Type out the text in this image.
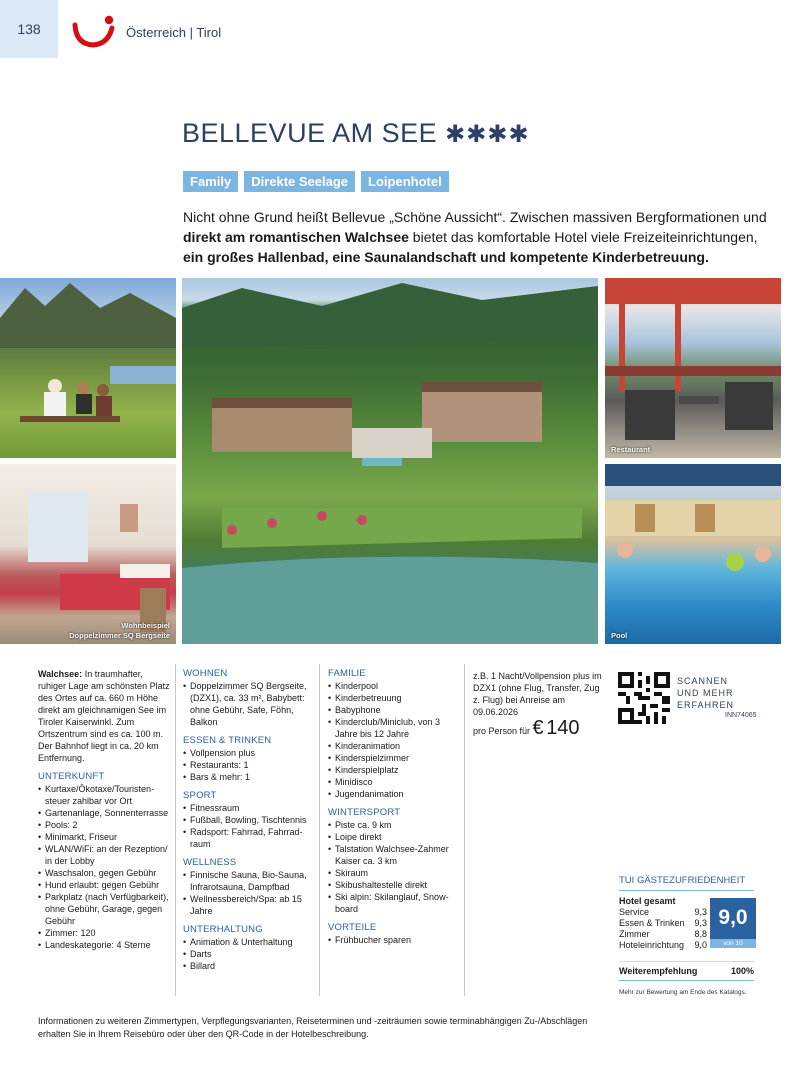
138	Österreich | Tirol
BELLEVUE AM SEE ✱✱✱✱
Family	Direkte Seelage	Loipenhotel

Nicht ohne Grund heißt Bellevue „Schöne Aussicht“. Zwischen massiven Bergformationen und direkt am romantischen Walchsee bietet das komfortable Hotel viele Freizeiteinrichtungen, ein großes Hallenbad, eine Saunalandschaft und kompetente Kinderbetreuung.

Wohnbeispiel
Doppelzimmer SQ Bergseite
Restaurant
Pool

Walchsee: In traumhafter, ruhiger Lage am schönsten Platz des Ortes auf ca. 660 m Höhe direkt am gleichnamigen See im Tiroler Kaiserwinkl. Zum Ortszentrum sind es ca. 100 m. Der Bahnhof liegt in ca. 20 km Entfernung.

UNTERKUNFT
• Kurtaxe/Ökotaxe/Touristensteuer zahlbar vor Ort
• Gartenanlage, Sonnenterrasse
• Pools: 2
• Minimarkt, Friseur
• WLAN/WiFi: an der Rezeption/ in der Lobby
• Waschsalon, gegen Gebühr
• Hund erlaubt: gegen Gebühr
• Parkplatz (nach Verfügbarkeit), ohne Gebühr, Garage, gegen Gebühr
• Zimmer: 120
• Landeskategorie: 4 Sterne
WOHNEN
• Doppelzimmer SQ Bergseite, (DZX1), ca. 33 m², Babybett: ohne Gebühr, Safe, Föhn, Balkon
ESSEN & TRINKEN
• Vollpension plus
• Restaurants: 1
• Bars & mehr: 1
SPORT
• Fitnessraum
• Fußball, Bowling, Tischtennis
• Radsport: Fahrrad, Fahrradraum
WELLNESS
• Finnische Sauna, Bio-Sauna, Infrarotsauna, Dampfbad
• Wellnessbereich/Spa: ab 15 Jahre
UNTERHALTUNG
• Animation & Unterhaltung
• Darts
• Billard
FAMILIE
• Kinderpool
• Kinderbetreuung
• Babyphone
• Kinderclub/Miniclub, von 3 Jahre bis 12 Jahre
• Kinderanimation
• Kinderspielzimmer
• Kinderspielplatz
• Minidisco
• Jugendanimation
WINTERSPORT
• Piste ca. 9 km
• Loipe direkt
• Talstation Walchsee-Zahmer Kaiser ca. 3 km
• Skiraum
• Skibushaltestelle direkt
• Ski alpin: Skilanglauf, Snowboard
VORTEILE
• Frühbucher sparen

z.B. 1 Nacht/Vollpension plus im DZX1 (ohne Flug, Transfer, Zug z. Flug) bei Anreise am 09.06.2026

pro Person für € 140

SCANNEN
UND MEHR
ERFAHREN
INN74065
TUI GÄSTEZUFRIEDENHEIT
Hotel gesamt
Service	9,3
Essen & Trinken 9,3
Zimmer	8,8
Hoteleinrichtung 9,0
9,0
von 10
Weiterempfehlung	100%
Mehr zur Bewertung am Ende des Katalogs.

Informationen zu weiteren Zimmertypen, Verpflegungsvarianten, Reiseterminen und -zeiträumen sowie terminabhängigen Zu-/Abschlägen erhalten Sie in Ihrem Reisebüro oder über den QR-Code in der Hotelbeschreibung.
